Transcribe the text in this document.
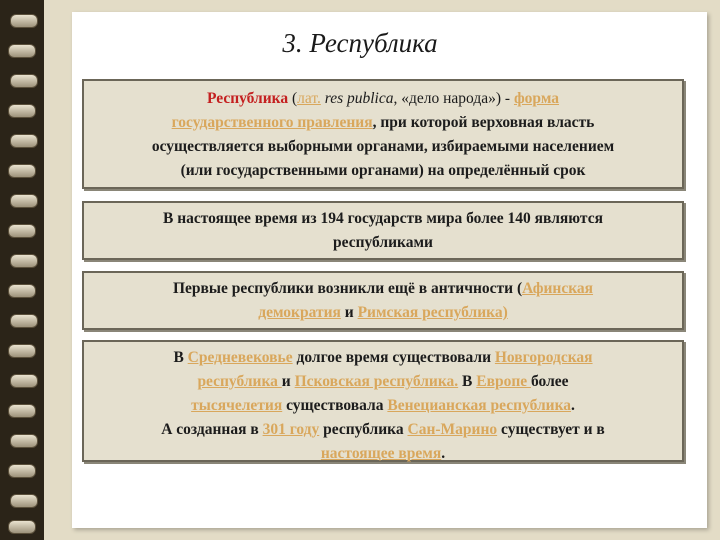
3. Республика
Республика (лат. res publica, «дело народа») - форма
государственного правления, при которой верховная власть
осуществляется выборными органами, избираемыми населением
(или государственными органами) на определённый срок
В настоящее время из 194 государств мира более 140 являются
республиками
Первые республики возникли ещё в античности (Афинская
демократия и Римская республика)
В Средневековье долгое время существовали Новгородская
республика и Псковская республика. В Европе более
тысячелетия существовала Венецианская республика.
А созданная в 301 году республика Сан-Марино существует и в
настоящее время.
